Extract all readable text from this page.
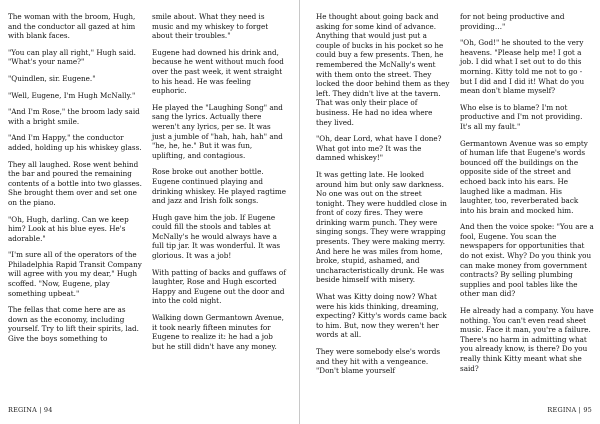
The woman with the broom, Hugh, and the conductor all gazed at him with blank faces.

"You can play all right," Hugh said. "What's your name?"

"Quindlen, sir. Eugene."

"Well, Eugene, I'm Hugh McNally."

"And I'm Rose," the broom lady said with a bright smile.

"And I'm Happy," the conductor added, holding up his whiskey glass.

They all laughed. Rose went behind the bar and poured the remaining contents of a bottle into two glasses. She brought them over and set one on the piano.

"Oh, Hugh, darling. Can we keep him? Look at his blue eyes. He's adorable."

"I'm sure all of the operators of the Philadelphia Rapid Transit Company will agree with you my dear," Hugh scoffed. "Now, Eugene, play something upbeat."

The fellas that come here are as down as the economy, including yourself. Try to lift their spirits, lad. Give the boys something to

smile about. What they need is music and my whiskey to forget about their troubles."

Eugene had downed his drink and, because he went without much food over the past week, it went straight to his head. He was feeling euphoric.

He played the "Laughing Song" and sang the lyrics. Actually there weren't any lyrics, per se. It was just a jumble of "hah, hah, hah" and "he, he, he." But it was fun, uplifting, and contagious.

Rose broke out another bottle. Eugene continued playing and drinking whiskey. He played ragtime and jazz and Irish folk songs.

Hugh gave him the job. If Eugene could fill the stools and tables at McNally's he would always have a full tip jar. It was wonderful. It was glorious. It was a job!

With patting of backs and guffaws of laughter, Rose and Hugh escorted Happy and Eugene out the door and into the cold night.

Walking down Germantown Avenue, it took nearly fifteen minutes for Eugene to realize it: he had a job but he still didn't have any money.

REGINA | 94

He thought about going back and asking for some kind of advance. Anything that would just put a couple of bucks in his pocket so he could buy a few presents. Then, he remembered the McNally's went with them onto the street. They locked the door behind them as they left. They didn't live at the tavern. That was only their place of business. He had no idea where they lived.

"Oh, dear Lord, what have I done? What got into me? It was the damned whiskey!"

It was getting late. He looked around him but only saw darkness. No one was out on the street tonight. They were huddled close in front of cozy fires. They were drinking warm punch. They were singing songs. They were wrapping presents. They were making merry. And here he was miles from home, broke, stupid, ashamed, and uncharacteristically drunk. He was beside himself with misery.

What was Kitty doing now? What were his kids thinking, dreaming, expecting? Kitty's words came back to him. But, now they weren't her words at all.

They were somebody else's words and they hit with a vengeance. "Don't blame yourself

for not being productive and providing…"

"Oh, God!" he shouted to the very heavens. "Please help me! I got a job. I did what I set out to do this morning. Kitty told me not to go - but I did and I did it! What do you mean don't blame myself?

Who else is to blame? I'm not productive and I'm not providing. It's all my fault."

Germantown Avenue was so empty of human life that Eugene's words bounced off the buildings on the opposite side of the street and echoed back into his ears. He laughed like a madman. His laughter, too, reverberated back into his brain and mocked him.

And then the voice spoke: "You are a fool, Eugene. You scan the newspapers for opportunities that do not exist. Why? Do you think you can make money from government contracts? By selling plumbing supplies and pool tables like the other man did?

He already had a company. You have nothing. You can't even read sheet music. Face it man, you're a failure. There's no harm in admitting what you already know, is there? Do you really think Kitty meant what she said?

REGINA | 95
